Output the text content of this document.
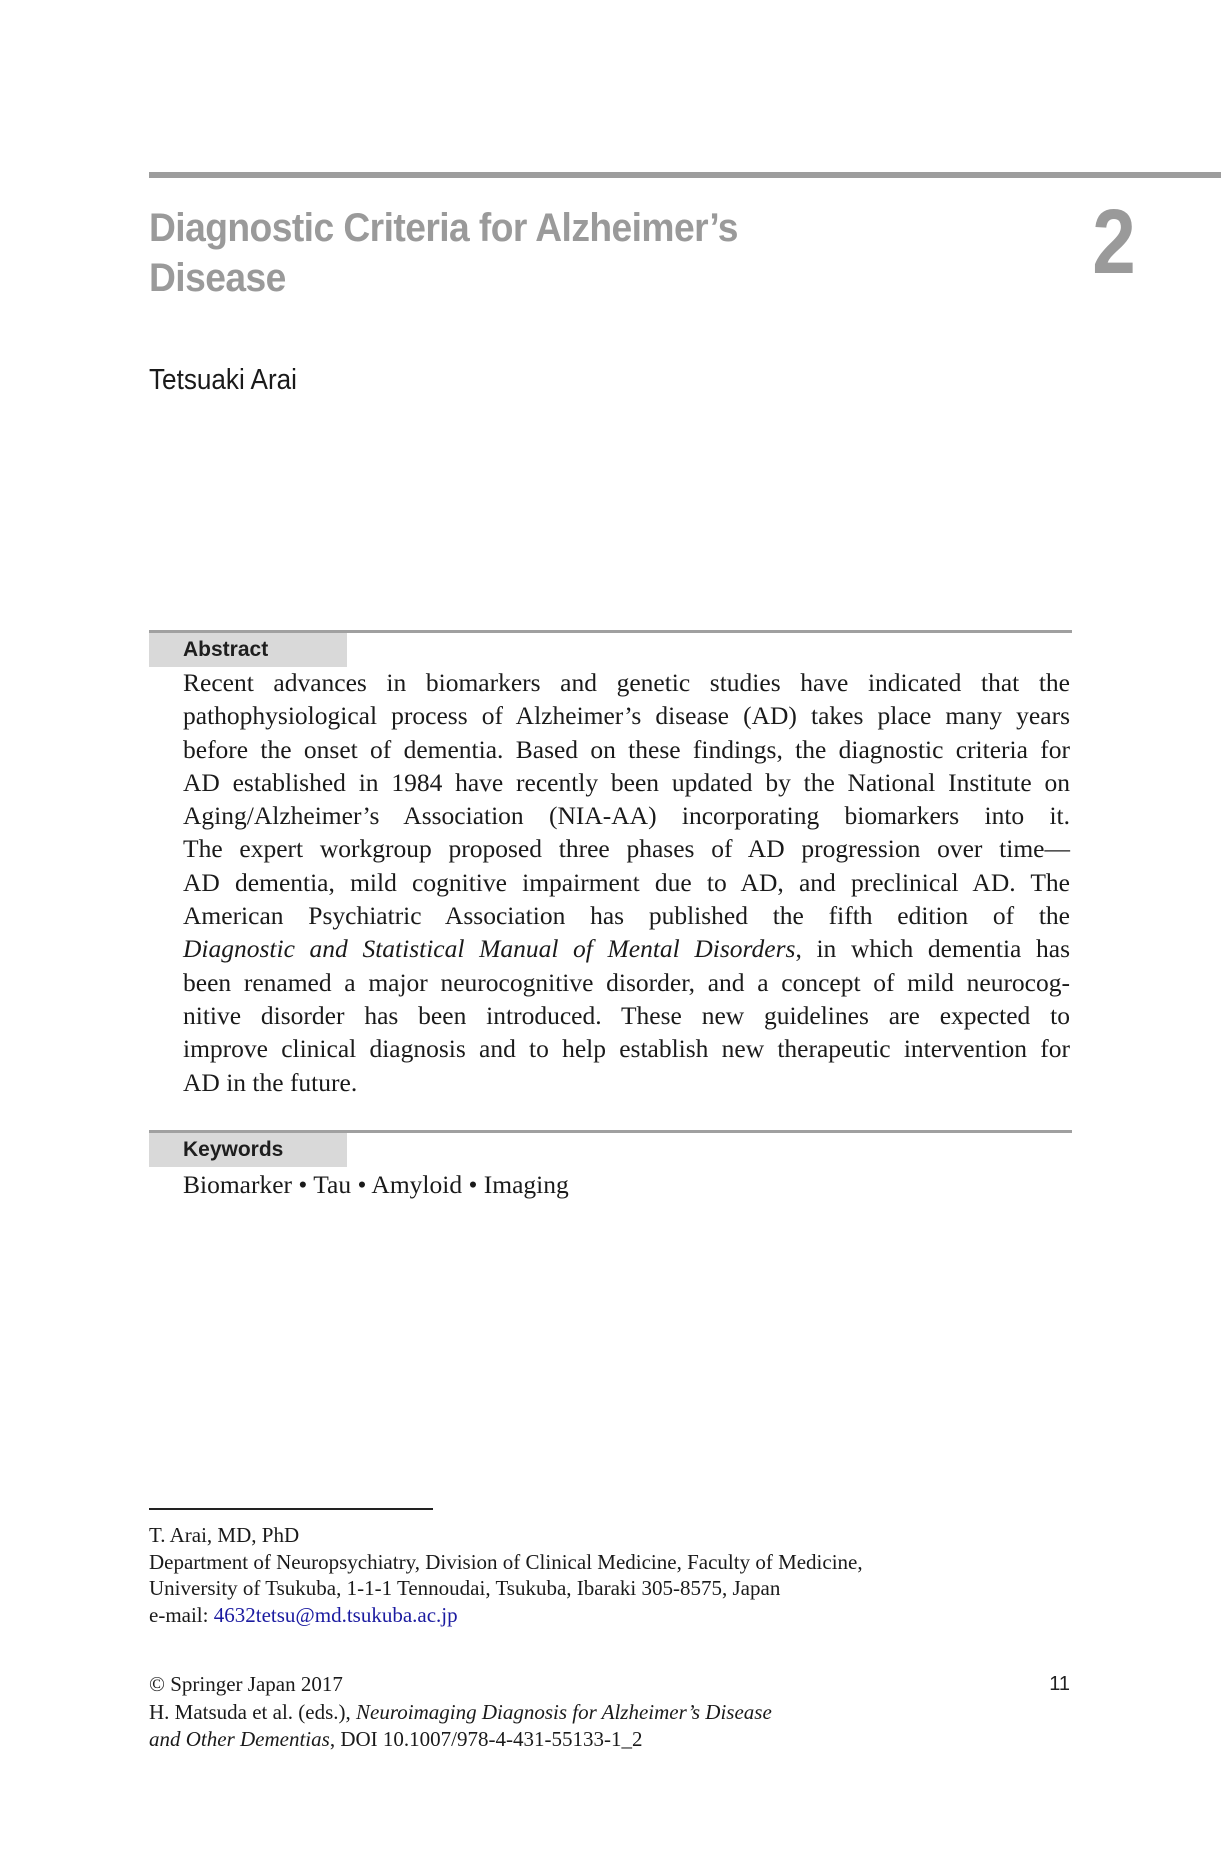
Diagnostic Criteria for Alzheimer’s
Disease	2
Tetsuaki Arai
Abstract
Recent advances in biomarkers and genetic studies have indicated that the
pathophysiological process of Alzheimer’s disease (AD) takes place many years
before the onset of dementia. Based on these findings, the diagnostic criteria for
AD established in 1984 have recently been updated by the National Institute on
Aging/Alzheimer’s Association (NIA-AA) incorporating biomarkers into it.
The expert workgroup proposed three phases of AD progression over time—
AD dementia, mild cognitive impairment due to AD, and preclinical AD. The
American Psychiatric Association has published the fifth edition of the
Diagnostic and Statistical Manual of Mental Disorders, in which dementia has
been renamed a major neurocognitive disorder, and a concept of mild neurocog-
nitive disorder has been introduced. These new guidelines are expected to
improve clinical diagnosis and to help establish new therapeutic intervention for
AD in the future.
Keywords
Biomarker • Tau • Amyloid • Imaging
T. Arai, MD, PhD
Department of Neuropsychiatry, Division of Clinical Medicine, Faculty of Medicine,
University of Tsukuba, 1-1-1 Tennoudai, Tsukuba, Ibaraki 305-8575, Japan
e-mail: 4632tetsu@md.tsukuba.ac.jp
© Springer Japan 2017
H. Matsuda et al. (eds.), Neuroimaging Diagnosis for Alzheimer’s Disease
and Other Dementias, DOI 10.1007/978-4-431-55133-1_2
11
